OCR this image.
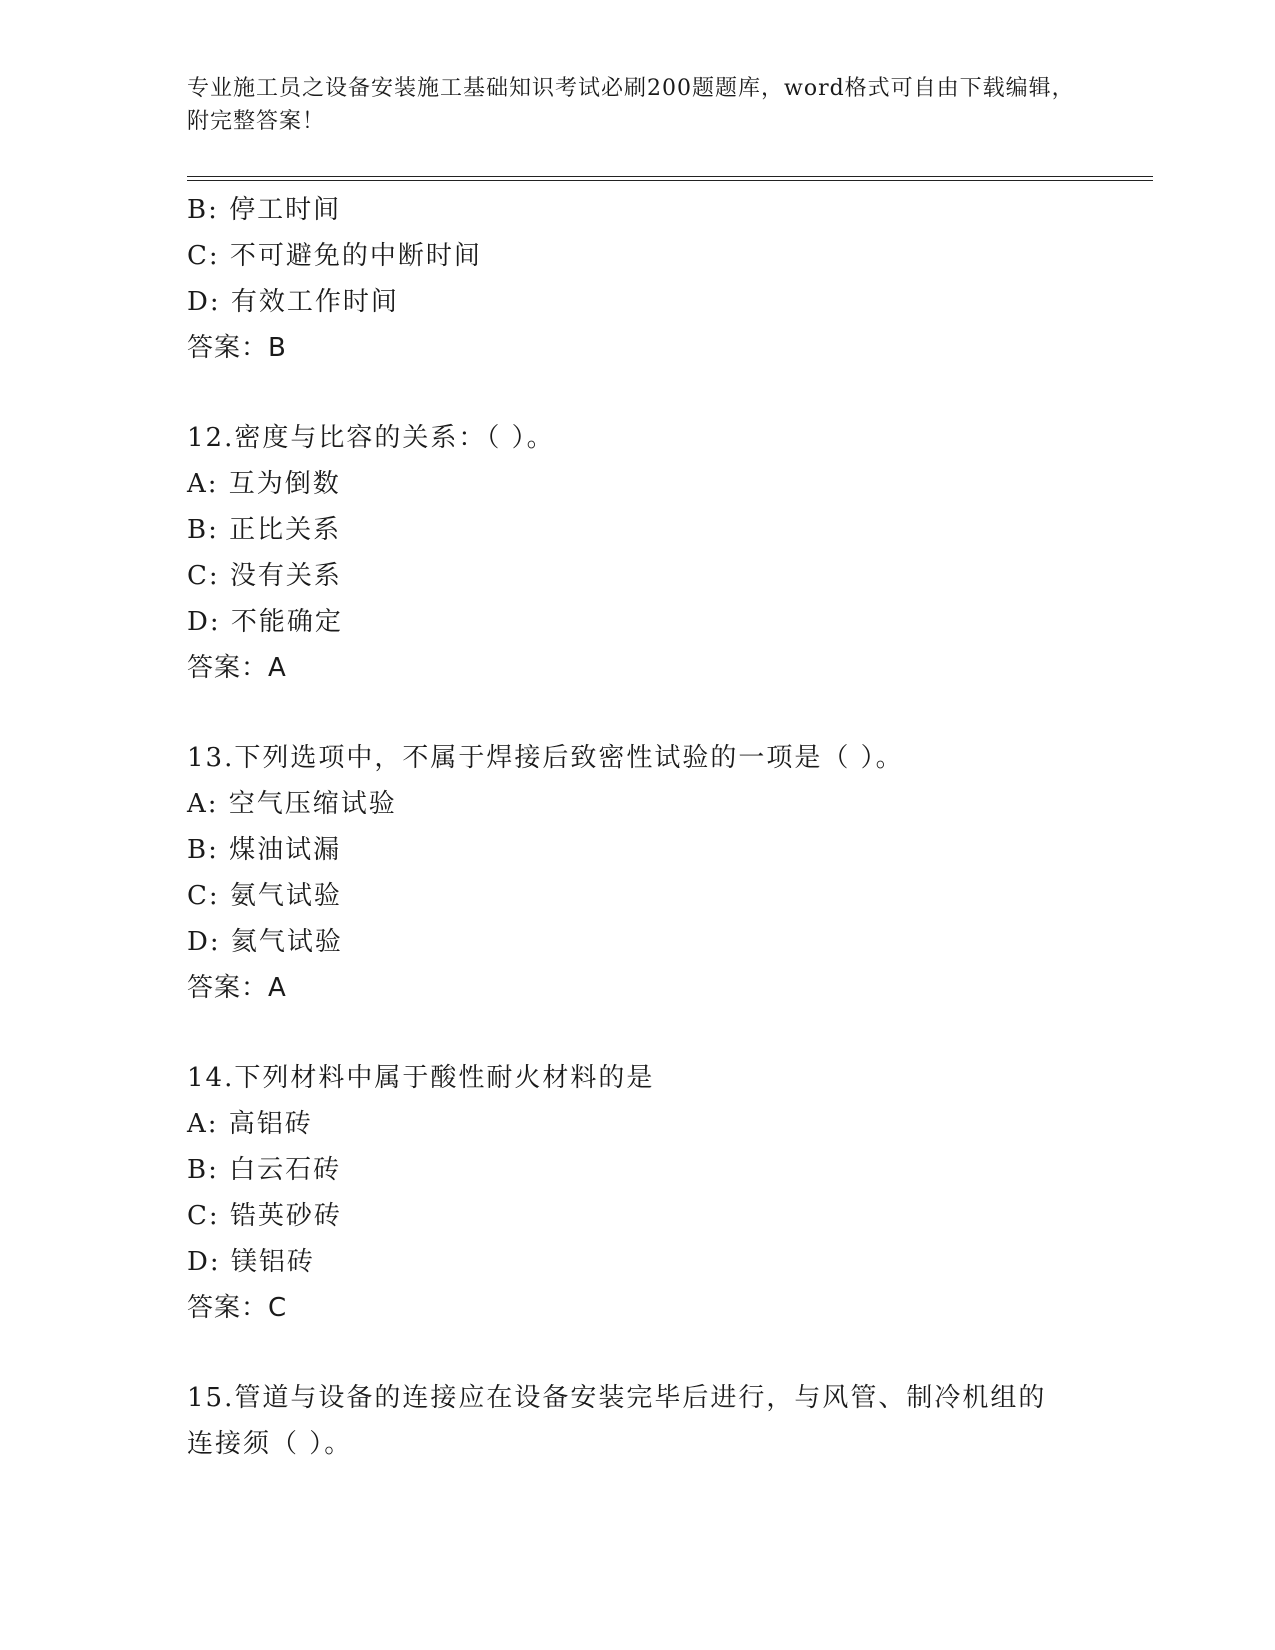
专业施工员之设备安装施工基础知识考试必刷200题题库，word格式可自由下载编辑，附完整答案！
B: 停工时间
C: 不可避免的中断时间
D: 有效工作时间
答案：B
12.密度与比容的关系：（ ）。
A: 互为倒数
B: 正比关系
C: 没有关系
D: 不能确定
答案：A
13.下列选项中，不属于焊接后致密性试验的一项是（ ）。
A: 空气压缩试验
B: 煤油试漏
C: 氨气试验
D: 氦气试验
答案：A
14.下列材料中属于酸性耐火材料的是
A: 高铝砖
B: 白云石砖
C: 锆英砂砖
D: 镁铝砖
答案：C
15.管道与设备的连接应在设备安装完毕后进行，与风管、制冷机组的连接须（ ）。
